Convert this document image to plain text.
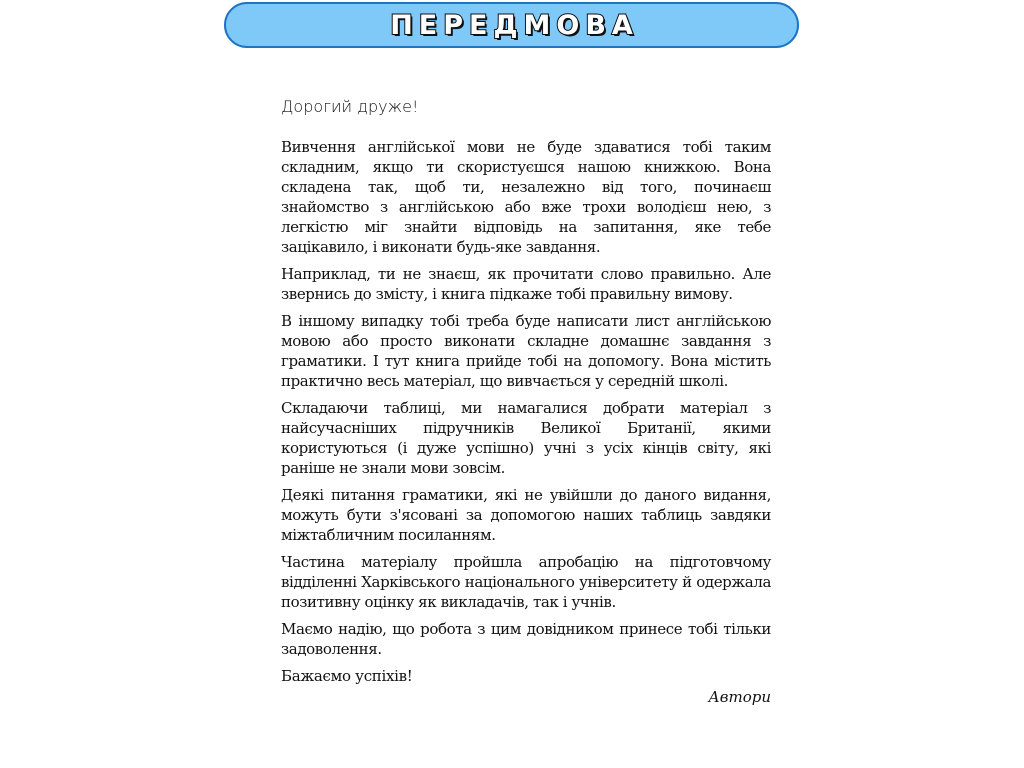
ПЕРЕДМОВА

Дорогий друже!

Вивчення англійської мови не буде здаватися тобі таким складним, якщо ти скористуєшся нашою книжкою. Вона складена так, щоб ти, незалежно від того, починаєш знайомство з англійською або вже трохи володієш нею, з легкістю міг знайти відповідь на запитання, яке тебе зацікавило, і виконати будь-яке завдання.

Наприклад, ти не знаєш, як прочитати слово правильно. Але звернись до змісту, і книга підкаже тобі правильну вимову.

В іншому випадку тобі треба буде написати лист англійською мовою або просто виконати складне домашнє завдання з граматики. І тут книга прийде тобі на допомогу. Вона містить практично весь матеріал, що вивчається у середній школі.

Складаючи таблиці, ми намагалися добрати матеріал з найсучасніших підручників Великої Британії, якими користуються (і дуже успішно) учні з усіх кінців світу, які раніше не знали мови зовсім.

Деякі питання граматики, які не увійшли до даного видання, можуть бути з'ясовані за допомогою наших таблиць завдяки міжтабличним посиланням.

Частина матеріалу пройшла апробацію на підготовчому відділенні Харківського національного університету й одержала позитивну оцінку як викладачів, так і учнів.

Маємо надію, що робота з цим довідником принесе тобі тільки задоволення.

Бажаємо успіхів!

Автори
